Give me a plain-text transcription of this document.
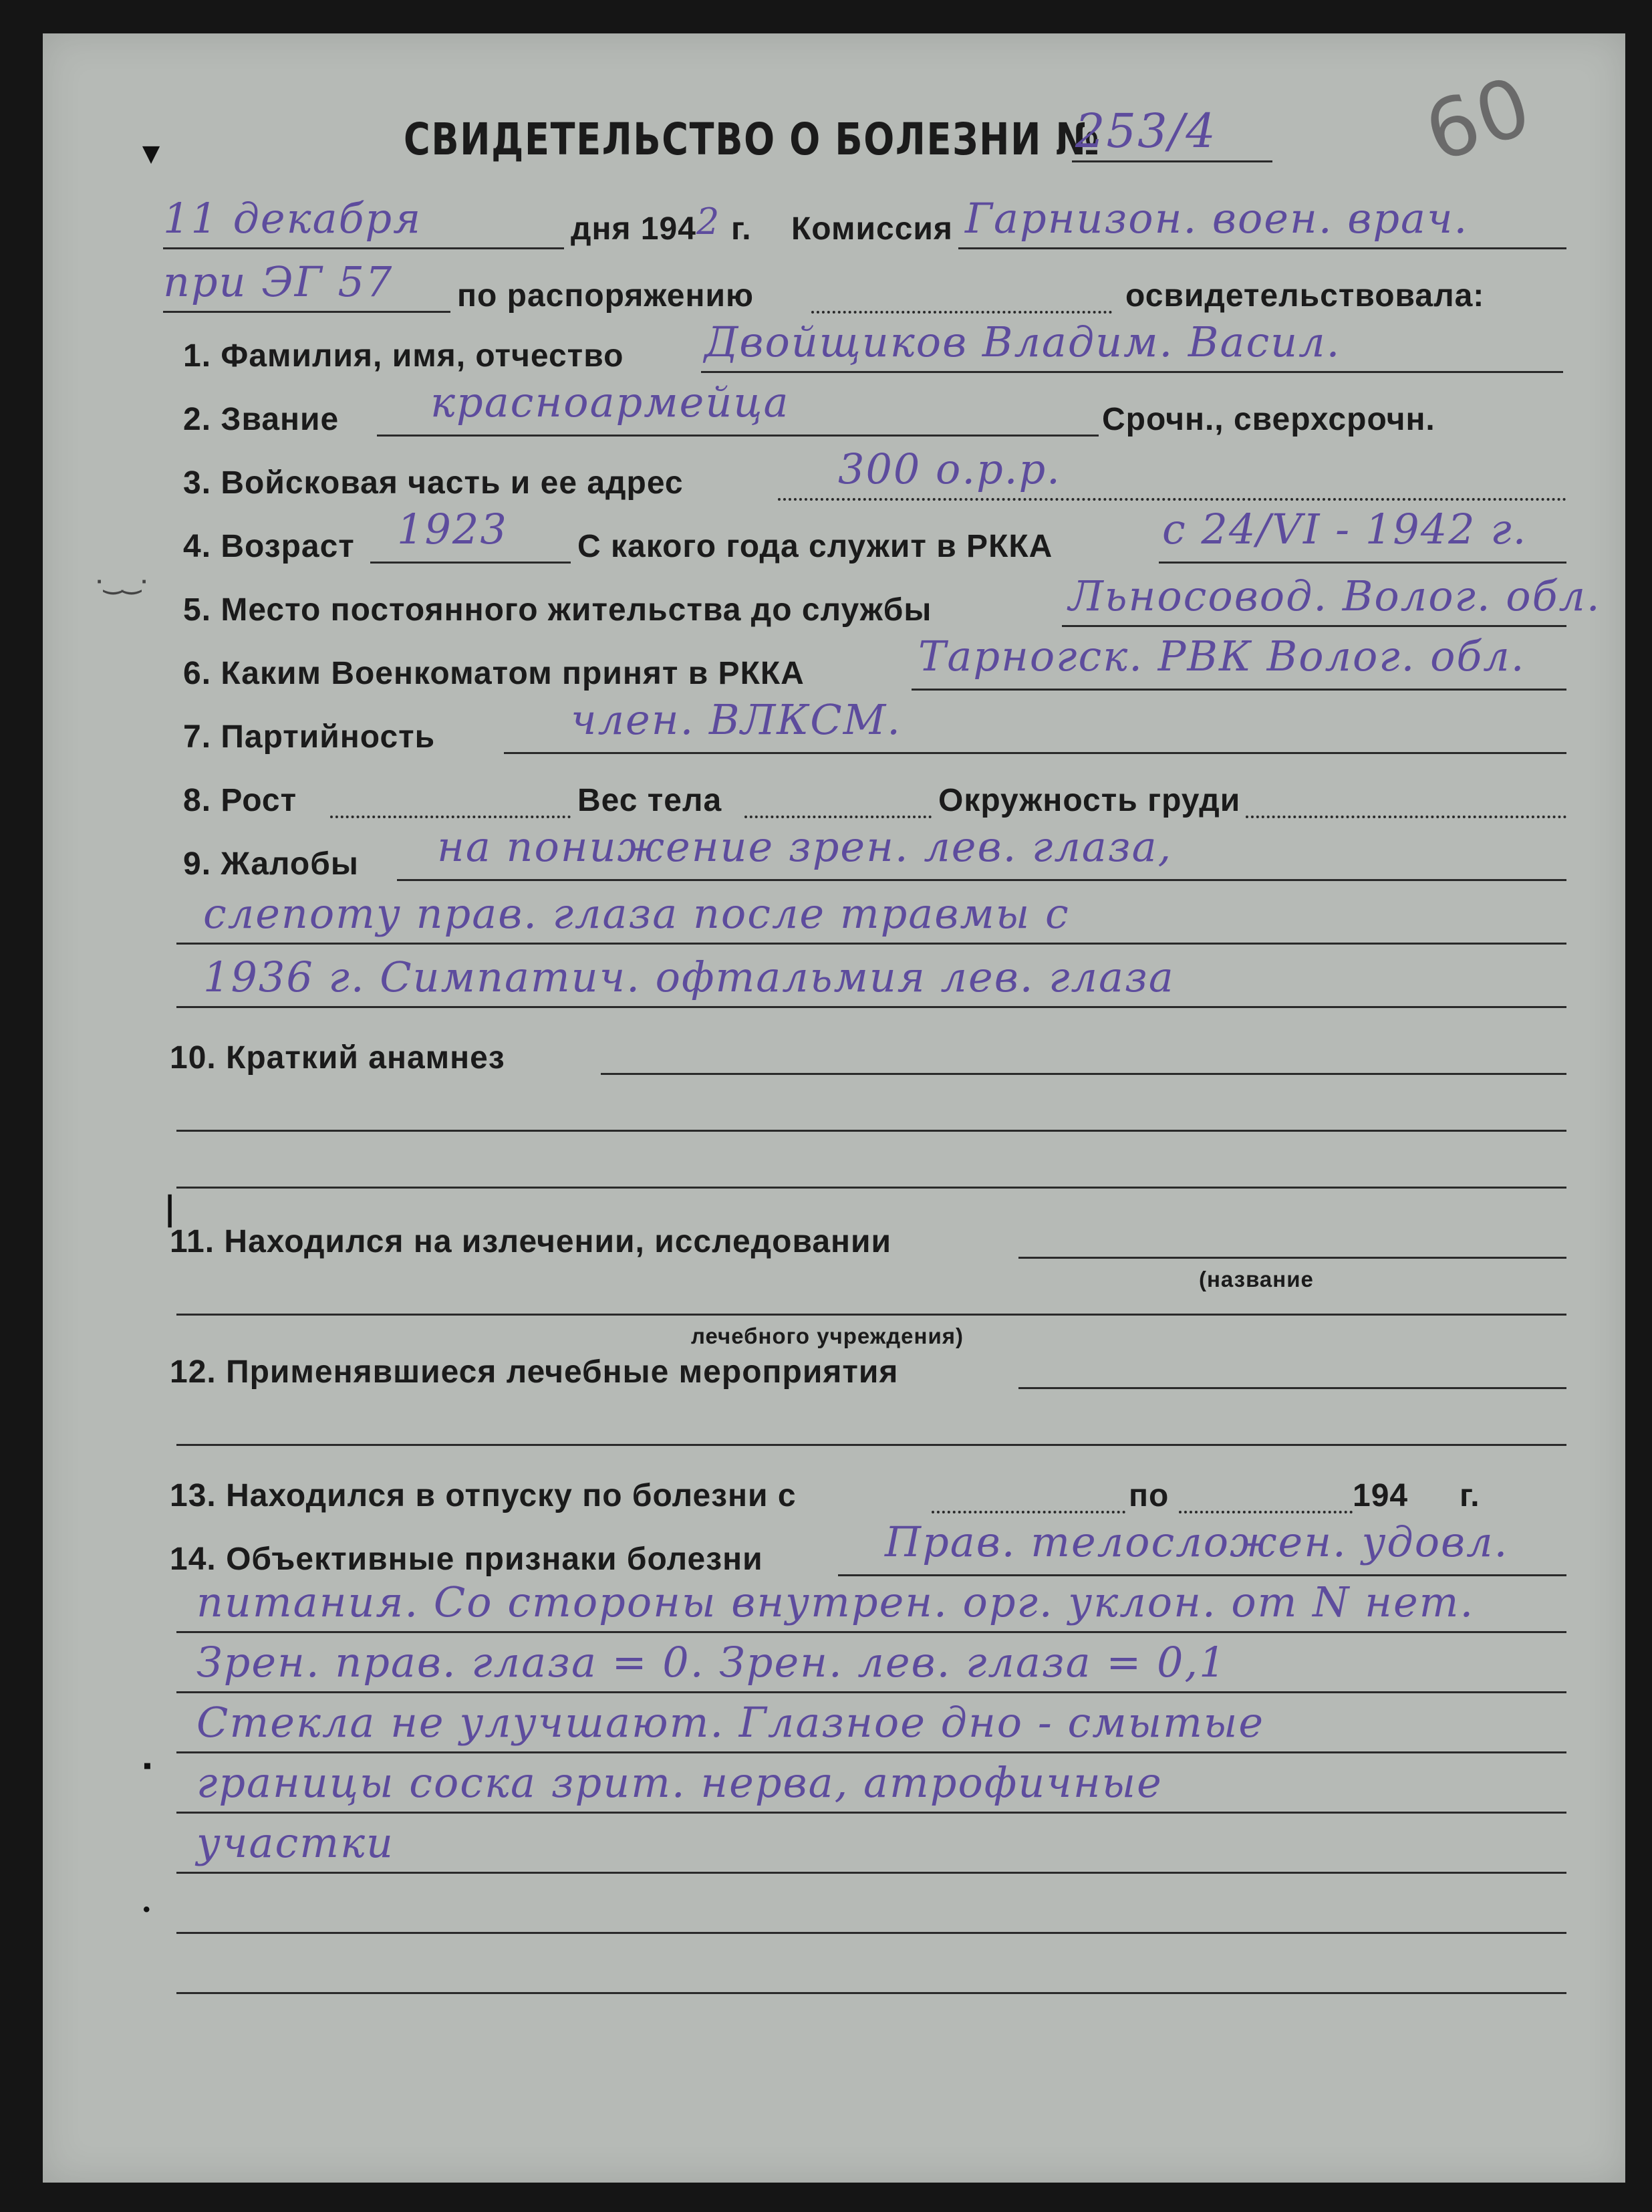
СВИДЕТЕЛЬСТВО О БОЛЕЗНИ №
253/4 60
▾
11 декабря	дня 194 2 г. Комиссия Гарнизон. воен. врач.
при ЭГ 57 по распоряжению	освидетельствовала:
1. Фамилия, имя, отчество Двойщиков Владим. Васил.
2. Звание красноармейца	Срочн., сверхсрочн.
3. Войсковая часть и ее адрес	300 о.р.р.
4. Возраст 1923 С какого года служит в РККА	с 24/VI - 1942 г.
·‿‿·
5. Место постоянного жительства до службы	Льносовод. Волог. обл.
6. Каким Военкоматом принят в РККА	Тарногск. РВК Волог. обл.
7. Партийность	член. ВЛКСМ.
8. Рост	Вес тела	Окружность груди
9. Жалобы на понижение зрен. лев. глаза,
слепоту прав. глаза после травмы с
1936 г. Симпатич. офтальмия лев. глаза
10. Краткий анамнез
11. Находился на излечении, исследовании
(название
лечебного учреждения)
12. Применявшиеся лечебные мероприятия
13. Находился в отпуску по болезни с	по	194 г.
14. Объективные признаки болезни	Прав. телосложен. удовл.
питания. Со стороны внутрен. орг. уклон. от N нет.
Зрен. прав. глаза = 0. Зрен. лев. глаза = 0,1
Стекла не улучшают. Глазное дно - смытые
границы соска зрит. нерва, атрофичные
участки
❘
▪
•
